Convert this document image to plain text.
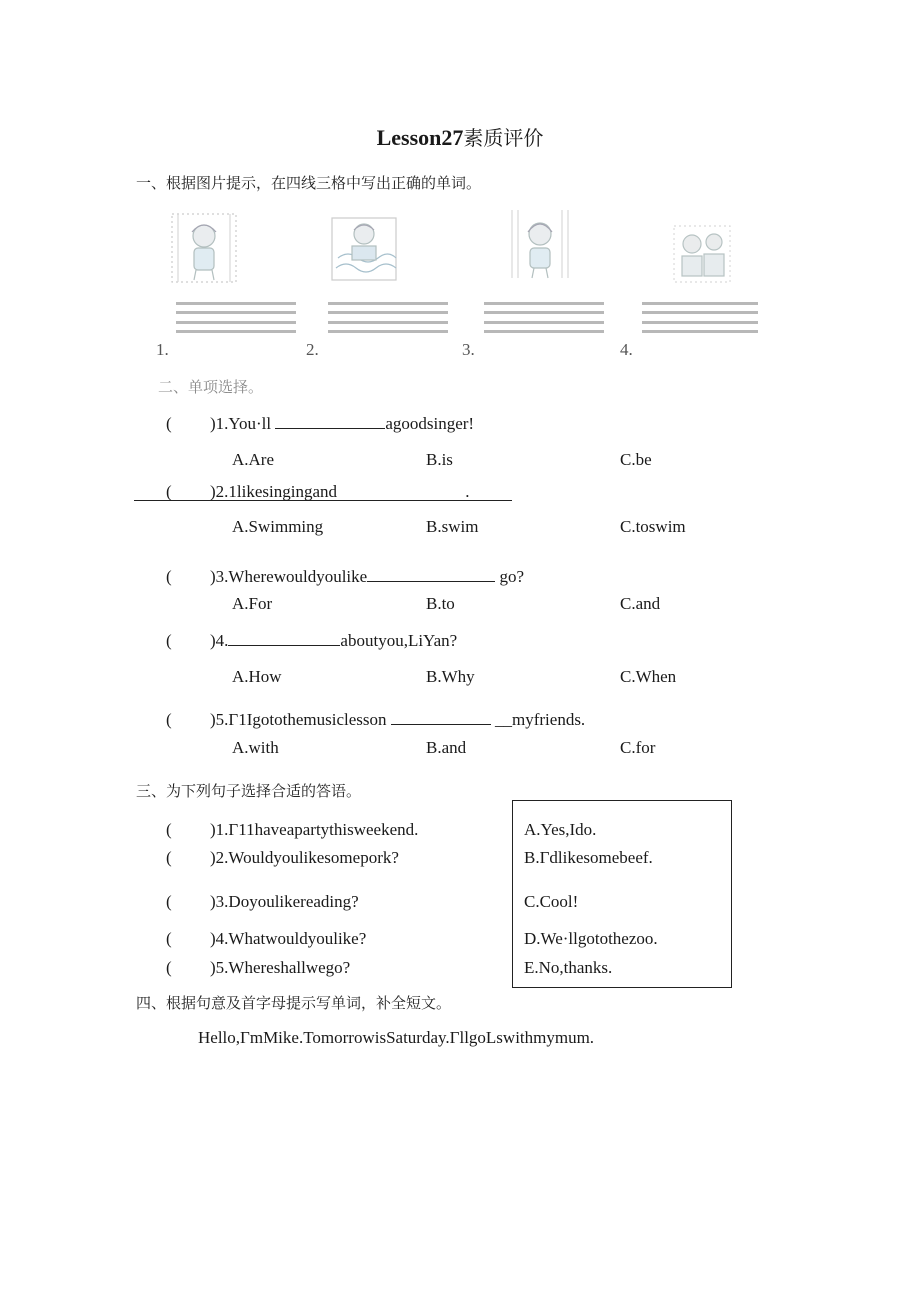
Lesson27素质评价
一、根据图片提示，在四线三格中写出正确的单词。
1.	2.	3.	4.
二、单项选择。
( )1.You·ll	agoodsinger!
A.Are	B.is	C.be
( )2.1likesingingand	.
A.Swimming	B.swim	C.toswim
( )3.Wherewouldyoulike	go?
A.For	B.to	C.and
( )4.	aboutyou,LiYan?
A.How	B.Why	C.When
( )5.Γ1Igotothemusiclesson	__myfriends.
A.with	B.and	C.for
三、为下列句子选择合适的答语。
( )1.Γ11haveapartythisweekend.
( )2.Wouldyoulikesomepork?
( )3.Doyoulikereading?
( )4.Whatwouldyoulike?
( )5.Whereshallwego?
A.Yes,Ido.
B.Γdlikesomebeef.
C.Cool!
D.We·llgotothezoo.
E.No,thanks.
四、根据句意及首字母提示写单词，补全短文。
Hello,ΓmMike.TomorrowisSaturday.ΓllgoLswithmymum.
